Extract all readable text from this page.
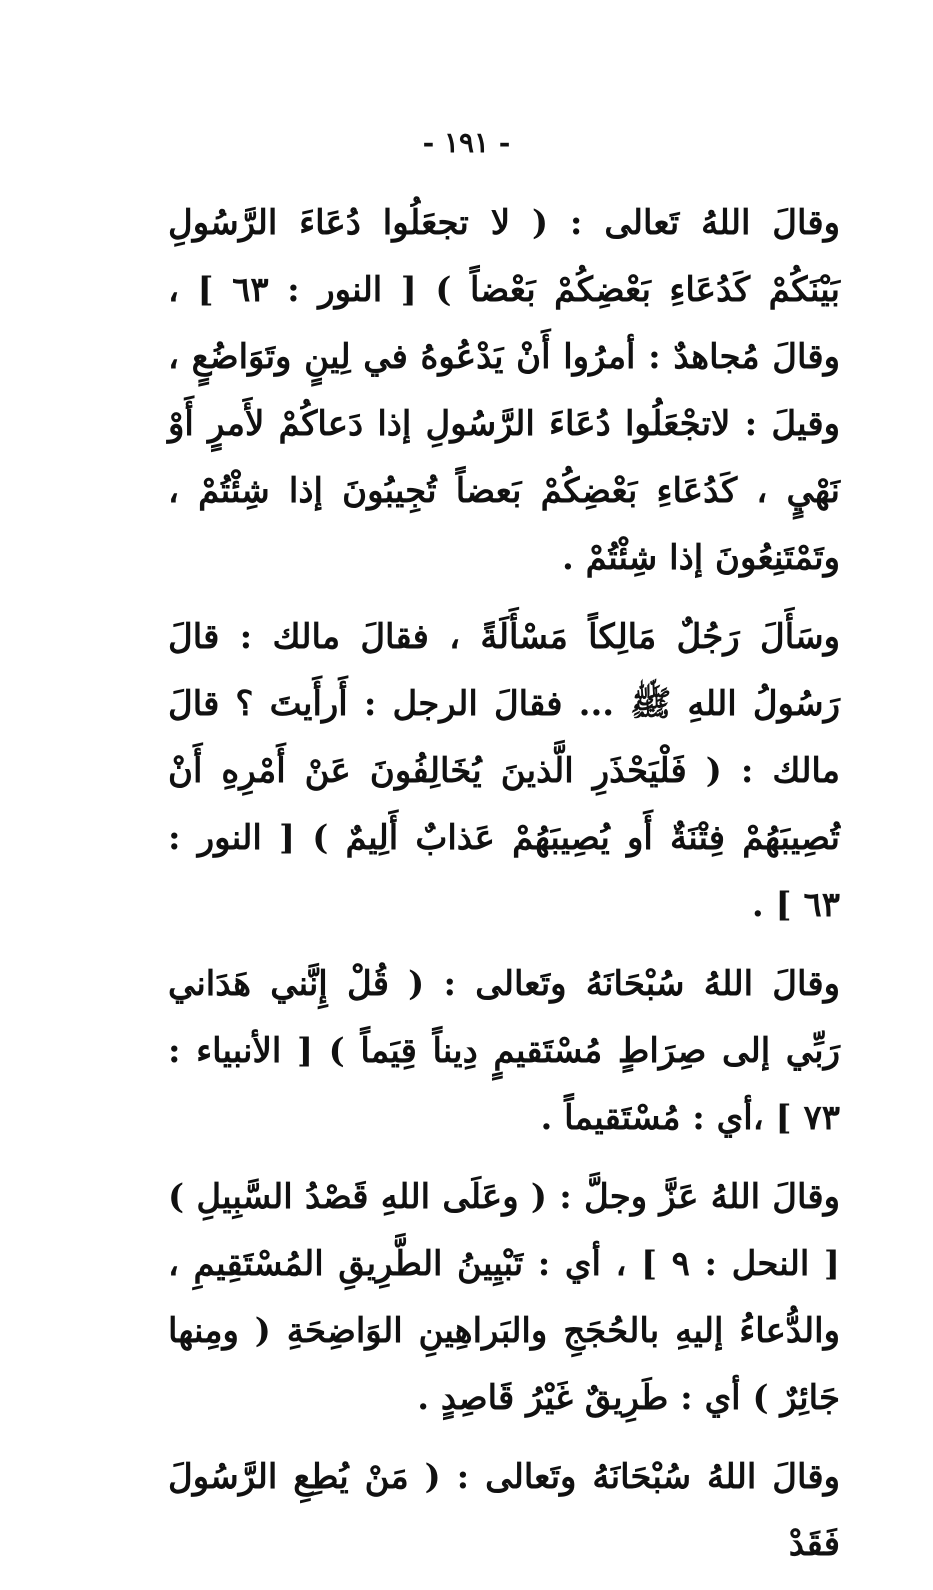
- ١٩١ -

وقالَ اللهُ تَعالى : ( لا تجعَلُوا دُعَاءَ الرَّسُولِ بَيْنَكُمْ كَدُعَاءِ بَعْضِكُمْ بَعْضاً ) [ النور : ٦٣ ] ، وقالَ مُجاهدٌ : أمرُوا أَنْ يَدْعُوهُ في لِينٍ وتَوَاضُعٍ ، وقيلَ : لاتجْعَلُوا دُعَاءَ الرَّسُولِ إذا دَعاكُمْ لأَمرٍ أَوْ نَهْيٍ ، كَدُعَاءِ بَعْضِكُمْ بَعضاً تُجِيبُونَ إذا شِئْتُمْ ، وتَمْتَنِعُونَ إذا شِئْتُمْ .

وسَأَلَ رَجُلٌ مَالِكاً مَسْأَلَةً ، فقالَ مالك : قالَ رَسُولُ اللهِ ﷺ ... فقالَ الرجل : أَرأَيتَ ؟ قالَ مالك : ( فَلْيَحْذَرِ الَّذينَ يُخَالِفُونَ عَنْ أَمْرِهِ أَنْ تُصِيبَهُمْ فِتْنَةٌ أَو يُصِيبَهُمْ عَذابٌ أَلِيمٌ ) [ النور : ٦٣ ] .

وقالَ اللهُ سُبْحَانَهُ وتَعالى : ( قُلْ إِنَّني هَدَاني رَبِّي إلى صِرَاطٍ مُسْتَقيمٍ دِيناً قِيَماً ) [ الأنبياء : ٧٣ ] ،أي : مُسْتَقيماً .

وقالَ اللهُ عَزَّ وجلَّ : ( وعَلَى اللهِ قَصْدُ السَّبِيلِ ) [ النحل : ٩ ] ، أي : تَبْيِينُ الطَّرِيقِ المُسْتَقِيمِ ، والدُّعاءُ إليهِ بالحُجَجِ والبَراهِينِ الوَاضِحَةِ ( ومِنها جَائِرٌ ) أي : طَرِيقٌ غَيْرُ قَاصِدٍ .

وقالَ اللهُ سُبْحَانَهُ وتَعالى : ( مَنْ يُطِعِ الرَّسُولَ فَقَدْ
